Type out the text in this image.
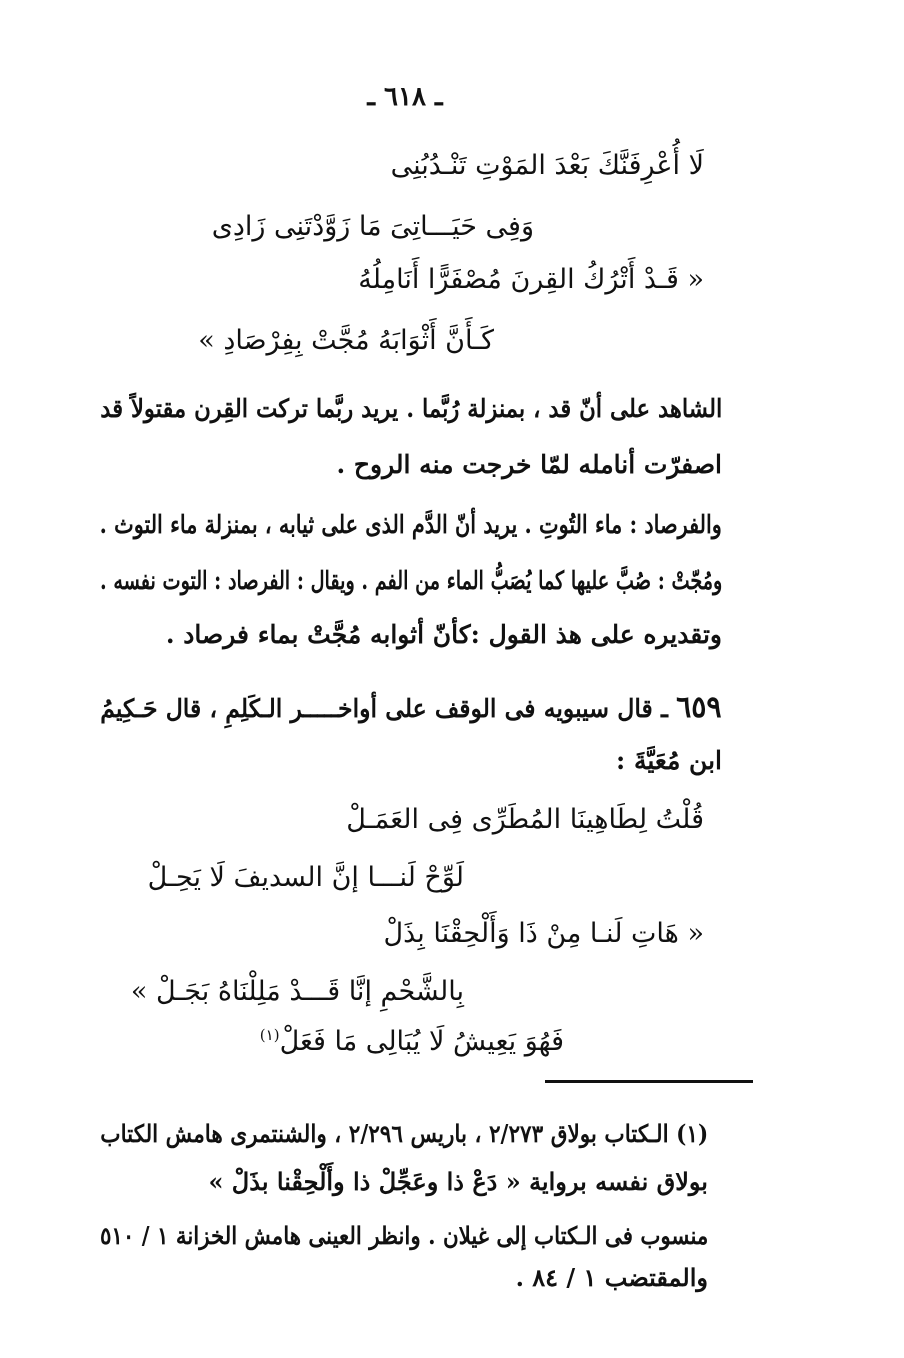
ـ ٦١٨ ـ
لَا أُعْرِفَنَّكَ بَعْدَ المَوْتِ تَنْـدُبُنِى
وَفِى حَيَـــاتِىَ مَا زَوَّدْتَنِى زَادِى
« قَـدْ أَتْرُكُ القِرنَ مُصْفَرًّا أَنَامِلُهُ
كَـأَنَّ أَثْوَابَهُ مُجَّتْ بِفِرْصَادِ »
الشاهد على أنّ قد ، بمنزلة رُبَّما . يريد ربَّما تركت القِرن مقتولاً قد
اصفرّت أنامله لمّا خرجت منه الروح .
والفرصاد : ماء التُوتِ . يريد أنّ الدَّم الذى على ثيابه ، بمنزلة ماء التوث .
ومُجّتْ : صُبَّ عليها كما يُصَبُّ الماء من الفم . ويقال : الفرصاد : التوت نفسه .
وتقديره على هذ القول :كأنّ أثوابه مُجَّتْ بماء فرصاد .
٦٥٩ ـ قال سيبويه فى الوقف على أواخـــــر الـكَلِمِ ، قال حَـكِيمُ
ابن مُعَيَّةَ :
قُلْتُ لِطَاهِينَا المُطَرِّى فِى العَمَـلْ
لَوِّحْ لَنـــا إنَّ السديفَ لَا يَحِـلْ
« هَاتِ لَنـا مِنْ ذَا وَأَلْحِقْنَا بِذَلْ
بِالشَّحْمِ إنَّا قَـــدْ مَلِلْنَاهُ بَجَـلْ »
فَهُوَ يَعِيشُ لَا يُبَالِى مَا فَعَلْ$^{(١)}$
(١) الـكتاب بولاق ٢/٢٧٣ ، باريس ٢/٢٩٦ ، والشنتمرى هامش الكتاب
بولاق نفسه برواية « دَعْ ذا وعَجِّلْ ذا وأَلْحِقْنا بذَلْ »
منسوب فى الـكتاب إلى غيلان . وانظر العينى هامش الخزانة ١ / ٥١٠
والمقتضب ١ / ٨٤ .
